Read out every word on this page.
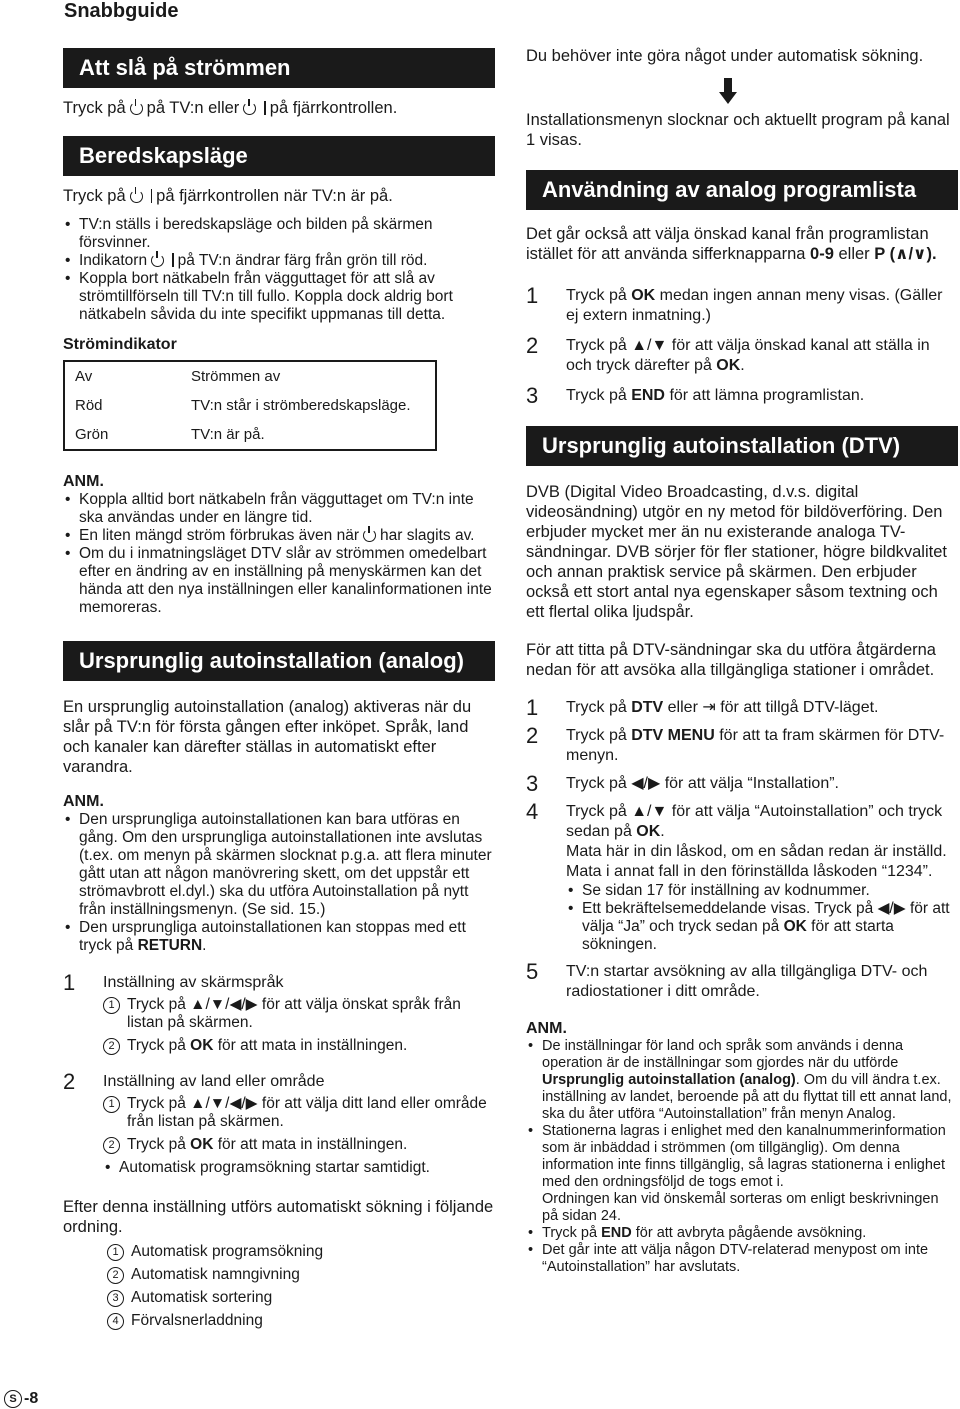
Snabbguide
Att slå på strömmen

Tryck på på TV:n eller på fjärrkontrollen.

Beredskapsläge

Tryck på på fjärrkontrollen när TV:n är på.

• TV:n ställs i beredskapsläge och bilden på skärmen försvinner.
• Indikatorn på TV:n ändrar färg från grön till röd.
• Koppla bort nätkabeln från vägguttaget för att slå av strömtillförseln till TV:n till fullo. Koppla dock aldrig bort nätkabeln såvida du inte specifikt uppmanas till detta.
Strömindikator
Av	Strömmen av
Röd	TV:n står i strömberedskapsläge.
Grön	TV:n är på.
ANM.
• Koppla alltid bort nätkabeln från vägguttaget om TV:n inte ska användas under en längre tid.
• En liten mängd ström förbrukas även när har slagits av.
• Om du i inmatningsläget DTV slår av strömmen omedelbart efter en ändring av en inställning på menyskärmen kan det hända att den nya inställningen eller kanalinformationen inte memoreras.
Ursprunglig autoinstallation (analog)

En ursprunglig autoinstallation (analog) aktiveras när du slår på TV:n för första gången efter inköpet. Språk, land och kanaler kan därefter ställas in automatiskt efter varandra.

ANM.
• Den ursprungliga autoinstallationen kan bara utföras en gång. Om den ursprungliga autoinstallationen inte avslutas (t.ex. om menyn på skärmen slocknat p.g.a. att flera minuter gått utan att någon manövrering skett, om det uppstår ett strömavbrott el.dyl.) ska du utföra Autoinstallation på nytt från inställningsmenyn. (Se sid. 15.)
• Den ursprungliga autoinstallationen kan stoppas med ett tryck på RETURN.
1	Inställning av skärmspråk
1 Tryck på ▲/▼/◀/▶ för att välja önskat språk från listan på skärmen.
2 Tryck på OK för att mata in inställningen.
2	Inställning av land eller område
1 Tryck på ▲/▼/◀/▶ för att välja ditt land eller område från listan på skärmen.
2 Tryck på OK för att mata in inställningen.
• Automatisk programsökning startar samtidigt.

Efter denna inställning utförs automatiskt sökning i följande ordning.

1 Automatisk programsökning
2 Automatisk namngivning
3 Automatisk sortering
4 Förvalsnerladdning

Du behöver inte göra något under automatisk sökning.

Installationsmenyn slocknar och aktuellt program på kanal 1 visas.

Användning av analog programlista

Det går också att välja önskad kanal från programlistan istället för att använda sifferknapparna 0-9 eller P (∧/∨).

1	Tryck på OK medan ingen annan meny visas. (Gäller ej extern inmatning.)
2	Tryck på ▲/▼ för att välja önskad kanal att ställa in och tryck därefter på OK.
3	Tryck på END för att lämna programlistan.
Ursprunglig autoinstallation (DTV)

DVB (Digital Video Broadcasting, d.v.s. digital videosändning) utgör en ny metod för bildöverföring. Den erbjuder mycket mer än nu existerande analoga TV-sändningar. DVB sörjer för fler stationer, högre bildkvalitet och annan praktisk service på skärmen. Den erbjuder också ett stort antal nya egenskaper såsom textning och ett flertal olika ljudspår.

För att titta på DTV-sändningar ska du utföra åtgärderna nedan för att avsöka alla tillgängliga stationer i området.

1	Tryck på DTV eller ⇥ för att tillgå DTV-läget.
2	Tryck på DTV MENU för att ta fram skärmen för DTV-menyn.
3	Tryck på ◀/▶ för att välja “Installation”.
4	Tryck på ▲/▼ för att välja “Autoinstallation” och tryck sedan på OK.
Mata här in din låskod, om en sådan redan är inställd. Mata i annat fall in den förinställda låskoden “1234”.
• Se sidan 17 för inställning av kodnummer.
• Ett bekräftelsemeddelande visas. Tryck på ◀/▶ för att välja “Ja” och tryck sedan på OK för att starta sökningen.
5	TV:n startar avsökning av alla tillgängliga DTV- och radiostationer i ditt område.
ANM.
• De inställningar för land och språk som används i denna operation är de inställningar som gjordes när du utförde Ursprunglig autoinstallation (analog). Om du vill ändra t.ex. inställning av landet, beroende på att du flyttat till ett annat land, ska du åter utföra “Autoinstallation” från menyn Analog.
• Stationerna lagras i enlighet med den kanalnummerinformation som är inbäddad i strömmen (om tillgänglig). Om denna information inte finns tillgänglig, så lagras stationerna i enlighet med den ordningsföljd de togs emot i.
Ordningen kan vid önskemål sorteras om enligt beskrivningen på sidan 24.
• Tryck på END för att avbryta pågående avsökning.
• Det går inte att välja någon DTV-relaterad menypost om inte “Autoinstallation” har avslutats.
S -8
